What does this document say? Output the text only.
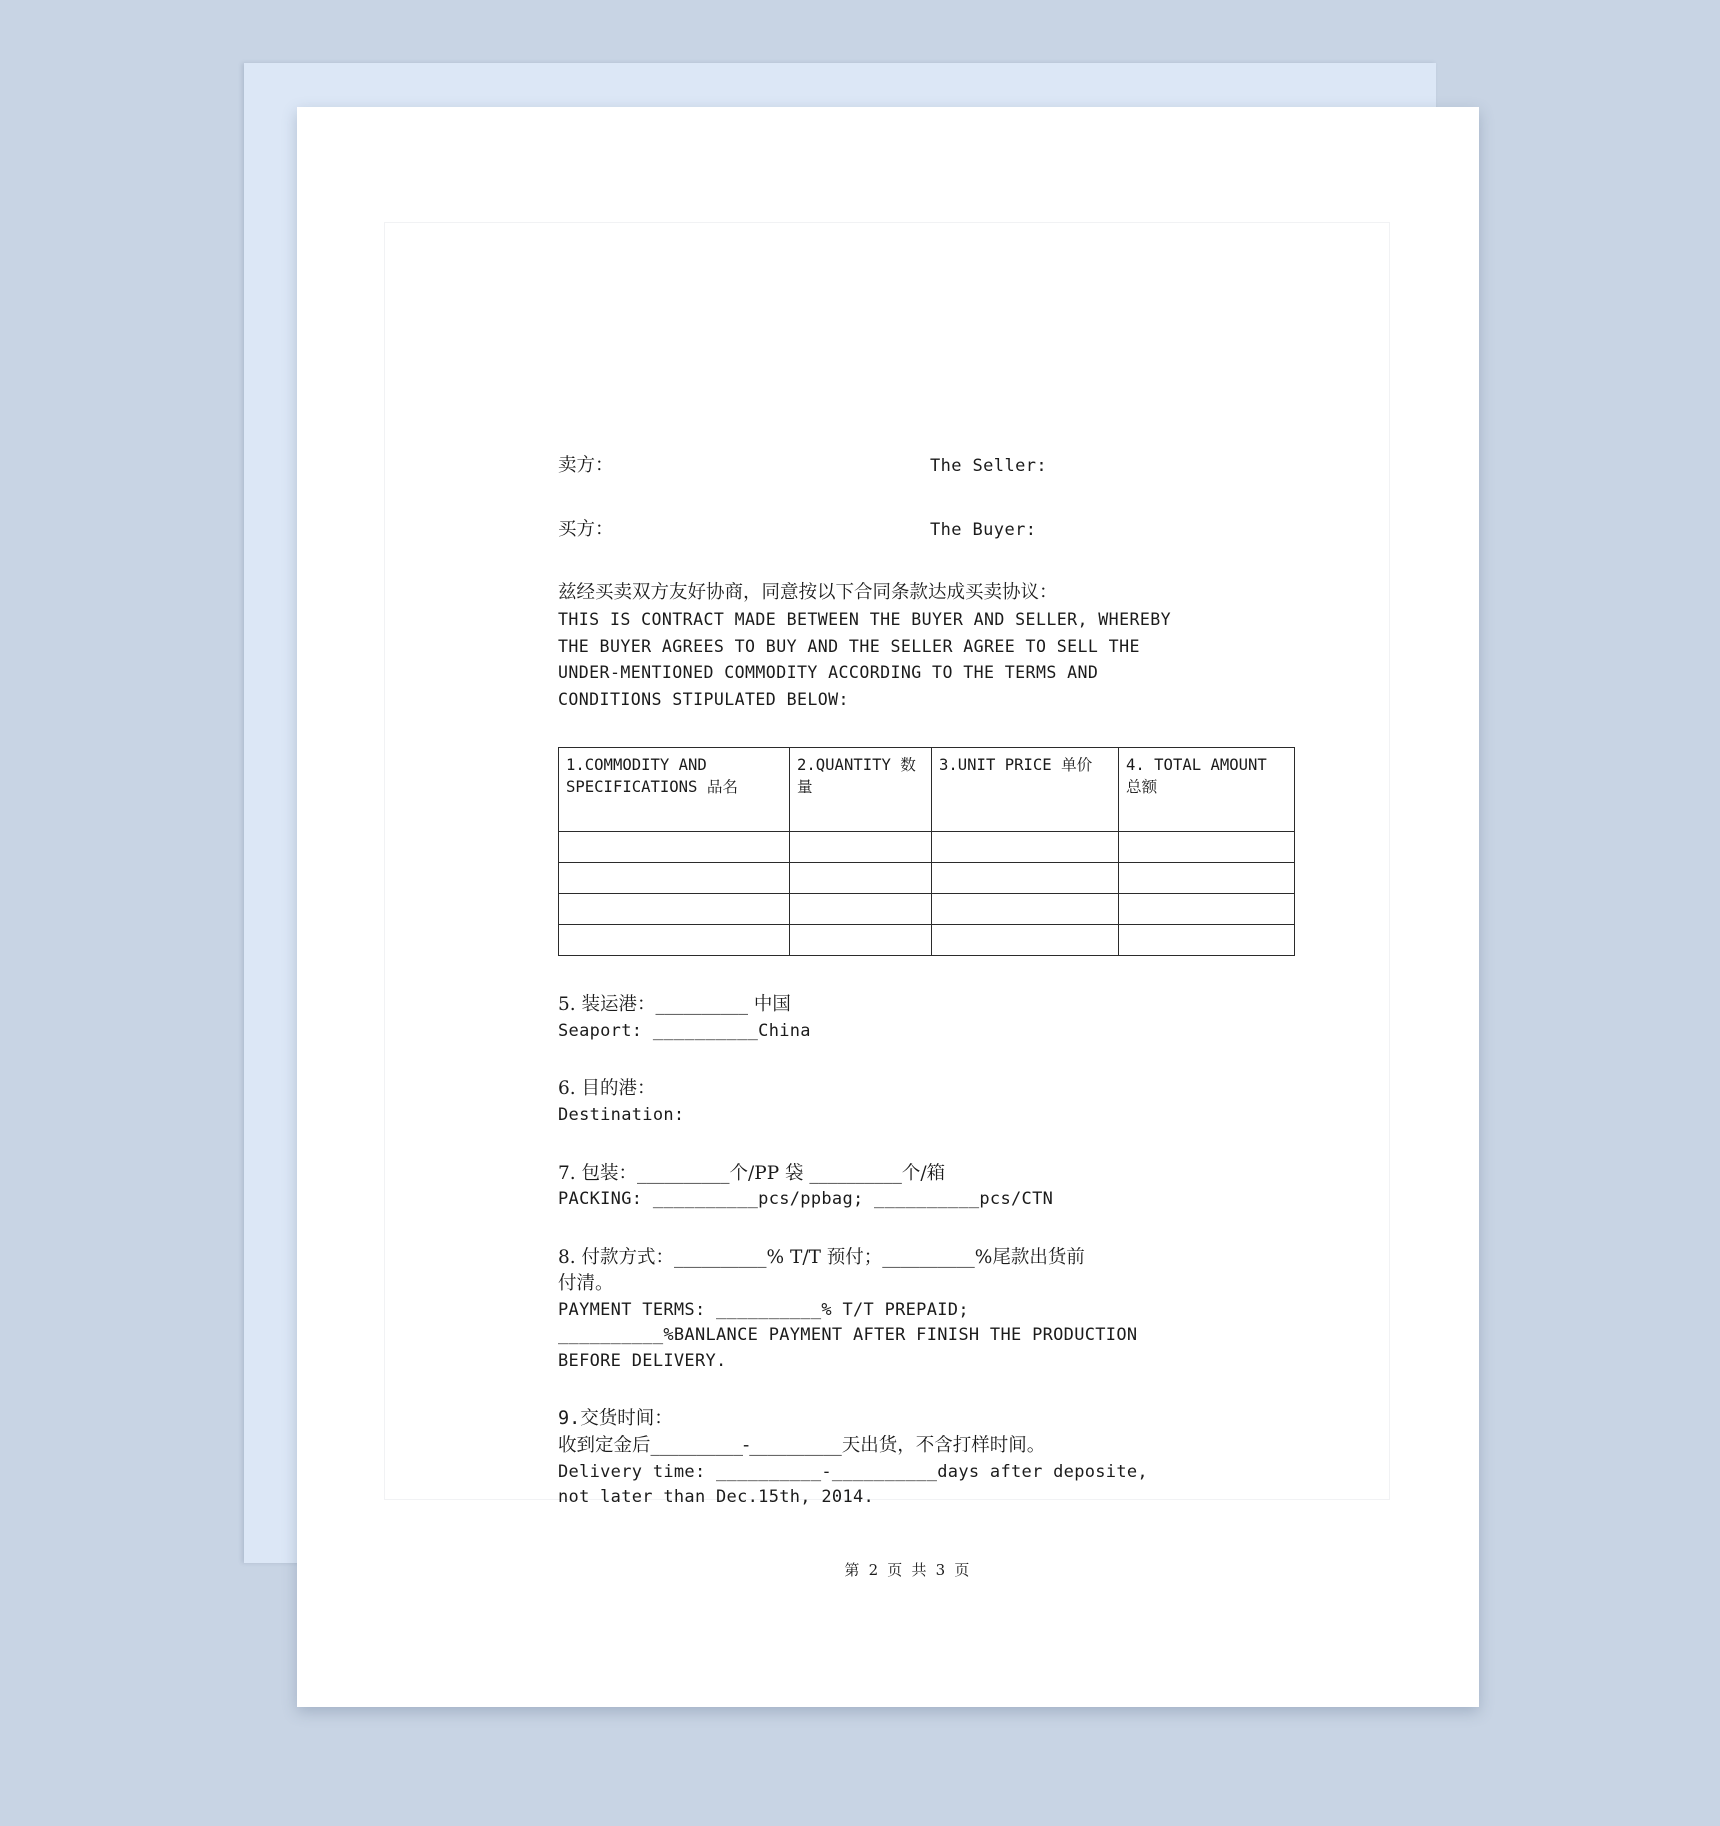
卖方：	The Seller:
买方：	The Buyer:
兹经买卖双方友好协商，同意按以下合同条款达成买卖协议：
THIS IS CONTRACT MADE BETWEEN THE BUYER AND SELLER, WHEREBY
THE BUYER AGREES TO BUY AND THE SELLER AGREE TO SELL THE
UNDER-MENTIONED COMMODITY ACCORDING TO THE TERMS AND
CONDITIONS STIPULATED BELOW:
1.COMMODITY AND SPECIFICATIONS 品名	2.QUANTITY 数量	3.UNIT PRICE 单价	4. TOTAL AMOUNT 总额

5. 装运港：__________ 中国
Seaport: __________China
6. 目的港：
Destination:
7. 包装：__________个/PP 袋 __________个/箱
PACKING: __________pcs/ppbag; __________pcs/CTN
8. 付款方式：__________% T/T 预付；__________%尾款出货前
付清。
PAYMENT TERMS: __________% T/T PREPAID;
__________%BANLANCE PAYMENT AFTER FINISH THE PRODUCTION
BEFORE DELIVERY.
9.交货时间：
收到定金后__________-__________天出货，不含打样时间。
Delivery time: __________-__________days after deposite,
not later than Dec.15th, 2014.
第 2 页 共 3 页
